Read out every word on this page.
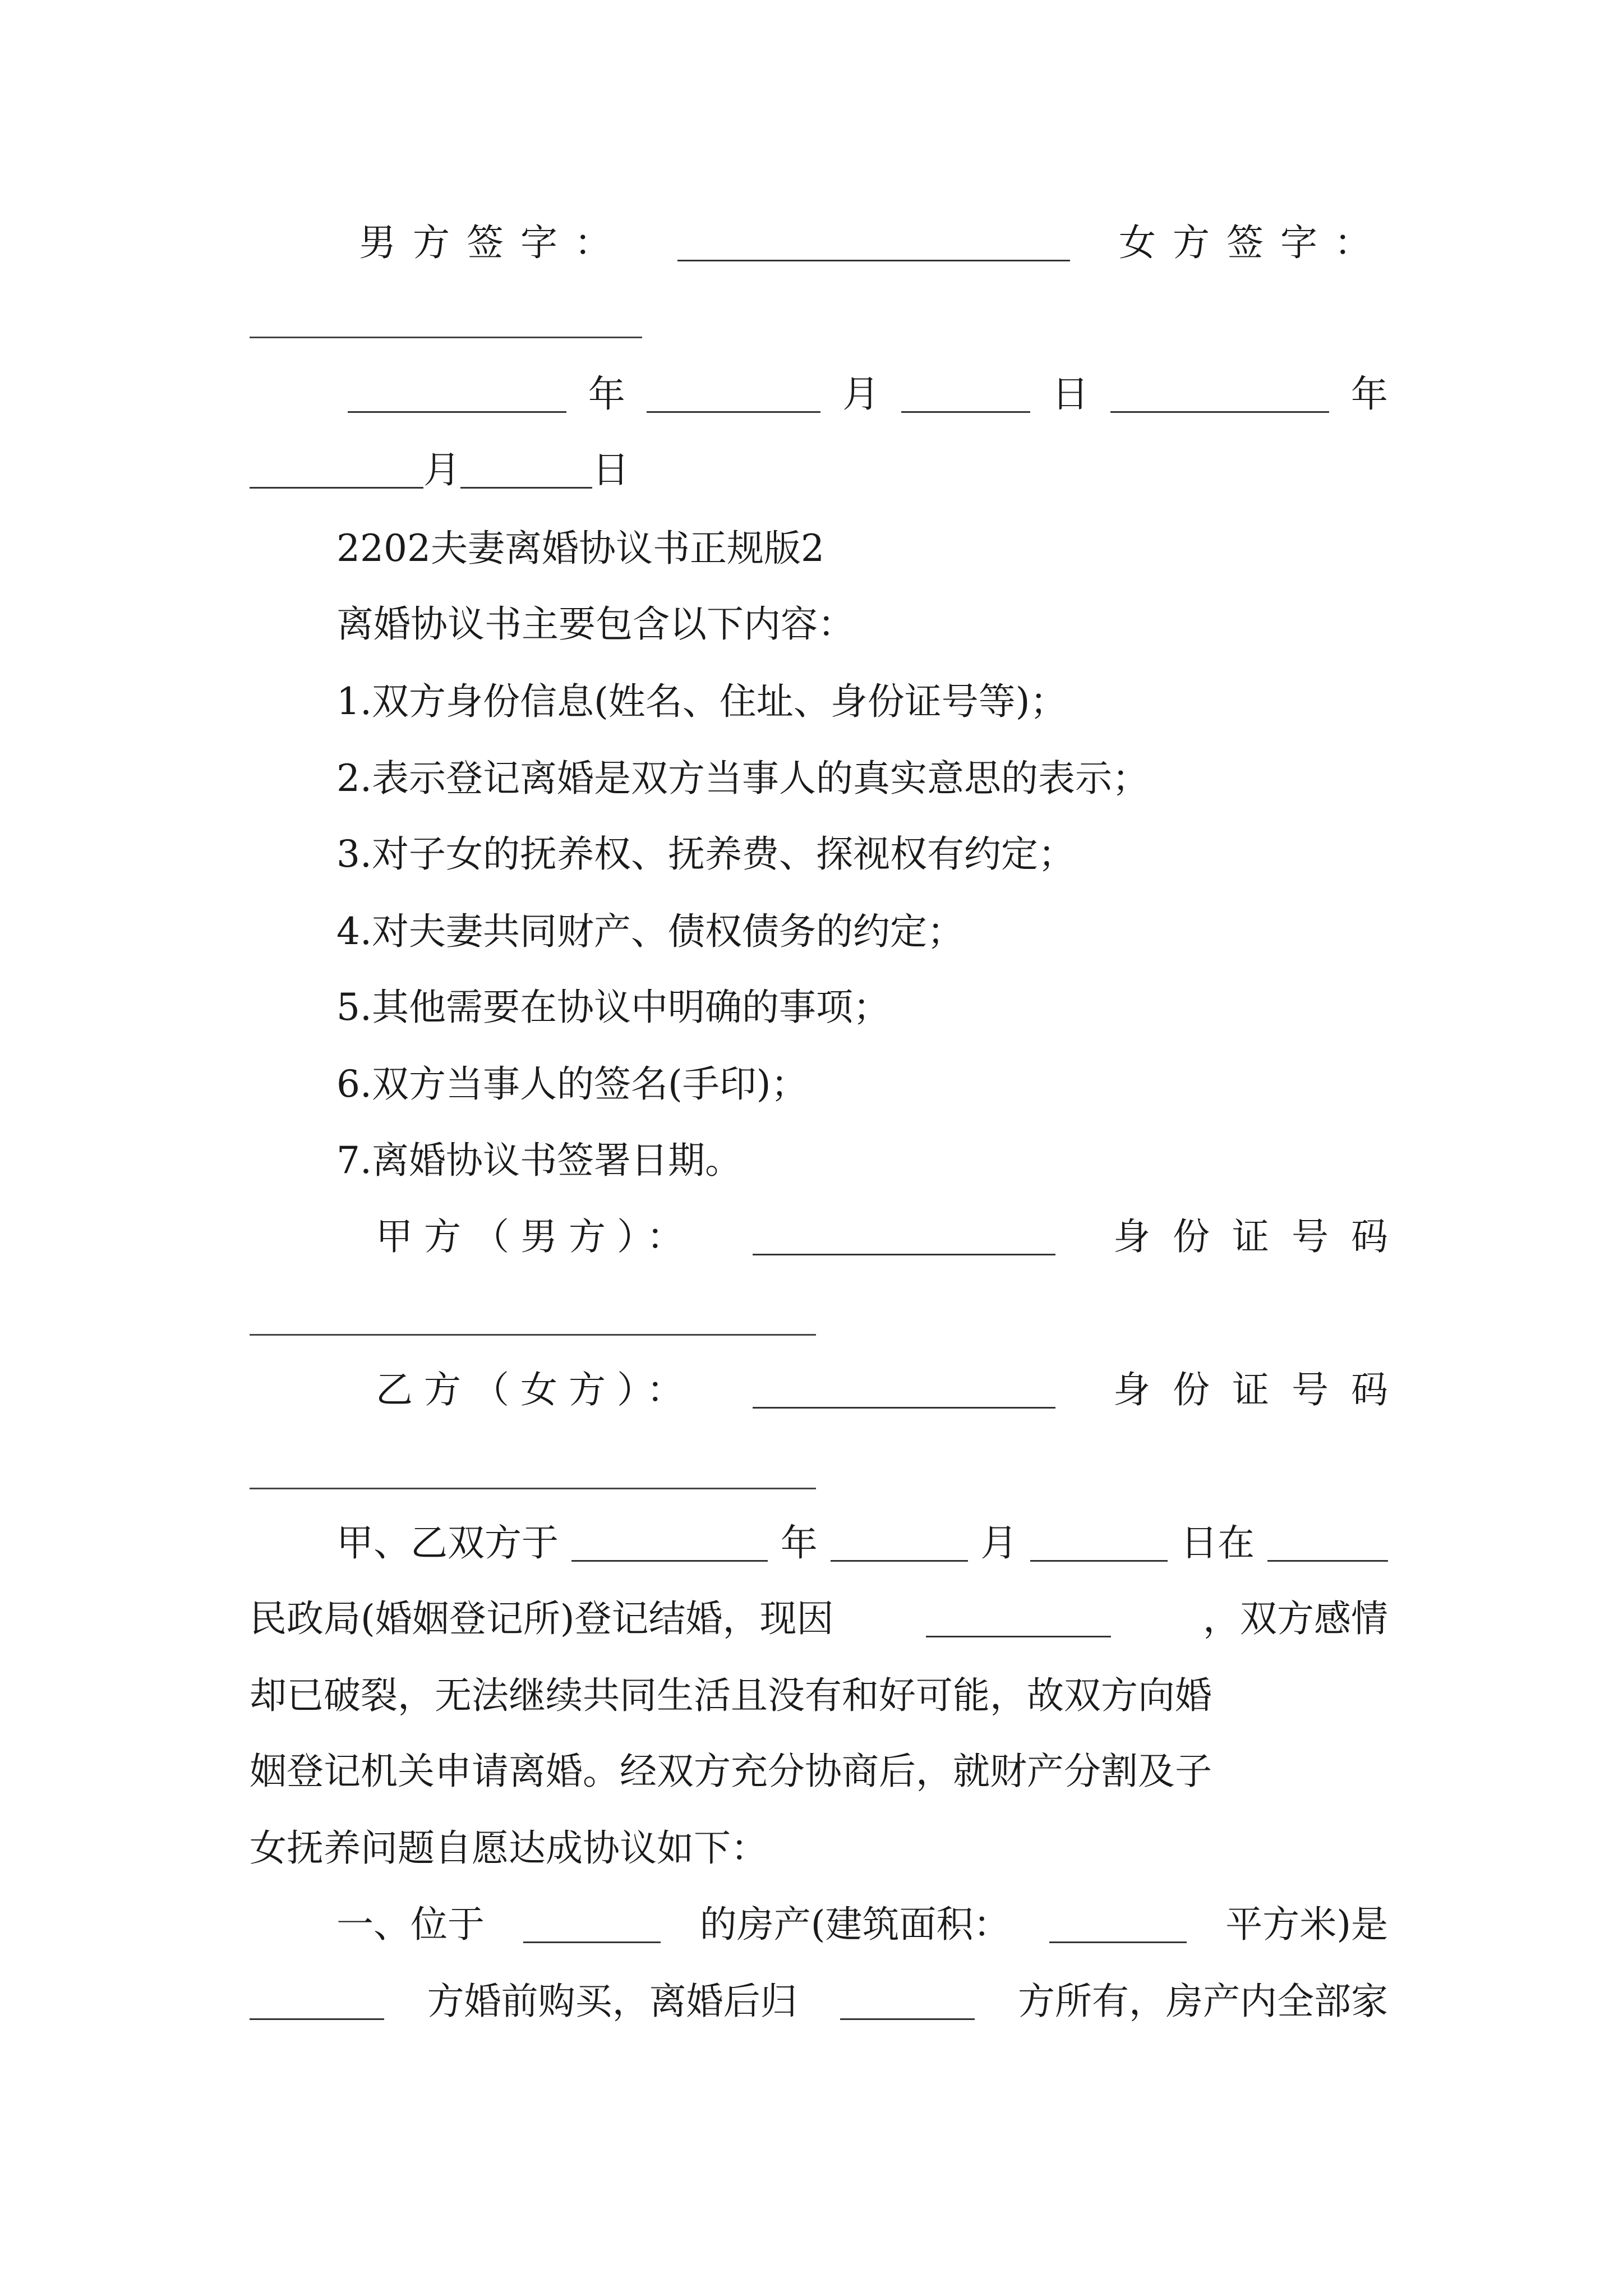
男方签字：	女方签字：
年	月	日	年
月	日
2202夫妻离婚协议书正规版2
离婚协议书主要包含以下内容：
1.双方身份信息(姓名、住址、身份证号等)；
2.表示登记离婚是双方当事人的真实意思的表示；
3.对子女的抚养权、抚养费、探视权有约定；
4.对夫妻共同财产、债权债务的约定；
5.其他需要在协议中明确的事项；
6.双方当事人的签名(手印)；
7.离婚协议书签署日期。
甲方（男方）：	身份证号码
乙方（女方）：	身份证号码
甲、乙双方于	年	月	日在
民政局(婚姻登记所)登记结婚，现因	，双方感情
却已破裂，无法继续共同生活且没有和好可能，故双方向婚
姻登记机关申请离婚。经双方充分协商后，就财产分割及子
女抚养问题自愿达成协议如下：
一、位于	的房产(建筑面积：	平方米)是
方婚前购买，离婚后归	方所有，房产内全部家
